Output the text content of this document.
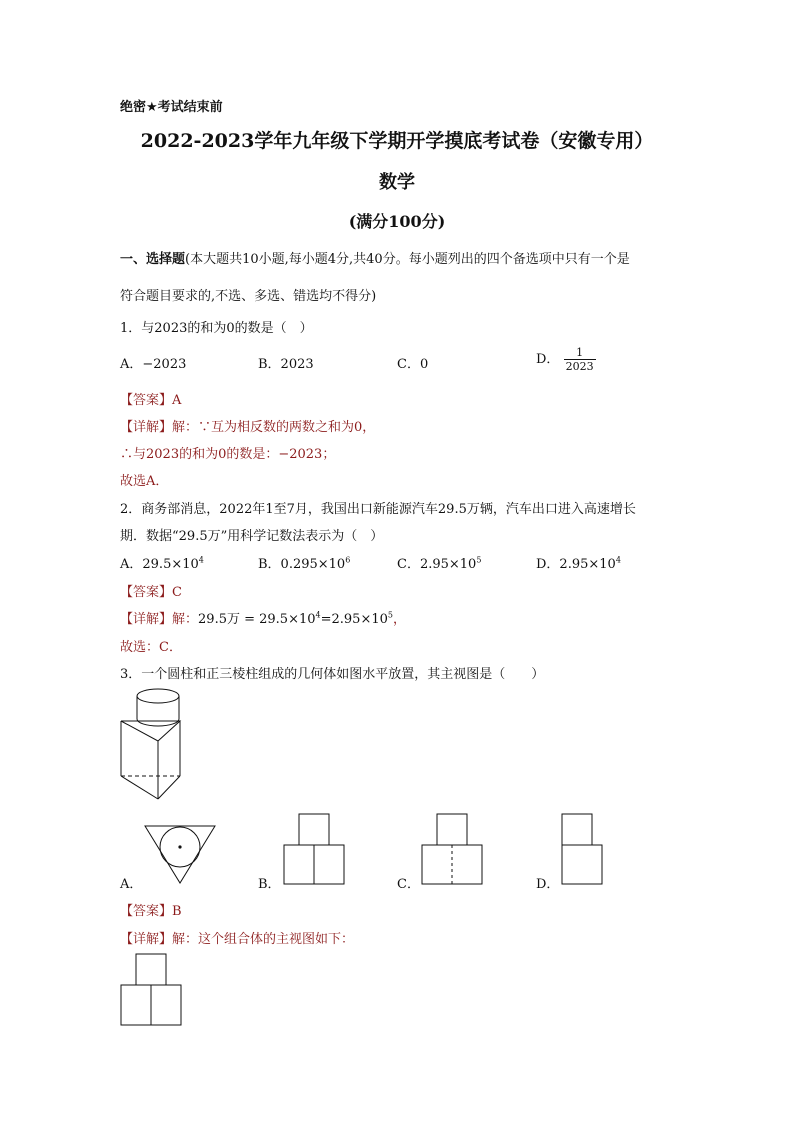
绝密★考试结束前
2022-2023学年九年级下学期开学摸底考试卷（安徽专用）
数学
(满分100分)
一、选择题(本大题共10小题,每小题4分,共40分。每小题列出的四个备选项中只有一个是
符合题目要求的,不选、多选、错选均不得分)
1．与2023的和为0的数是（　）
A．−2023	B．2023	C．0	D． $\frac{1}{2023}$
【答案】A
【详解】解：∵互为相反数的两数之和为0，
∴与2023的和为0的数是：−2023；
故选A．
2．商务部消息，2022年1至7月，我国出口新能源汽车29.5万辆，汽车出口进入高速增长
期．数据“29.5万”用科学记数法表示为（　）
A．$29.5\times 10^4$	B．$0.295\times 10^6$	C．$2.95\times 10^5$	D．$2.95\times 10^4$
【答案】C
【详解】解：29.5万 = $29.5\times 10^4=2.95\times 10^5$，
故选：C．
3．一个圆柱和正三棱柱组成的几何体如图水平放置，其主视图是（　　）
A．	B．	C．	D．
【答案】B
【详解】解：这个组合体的主视图如下：
